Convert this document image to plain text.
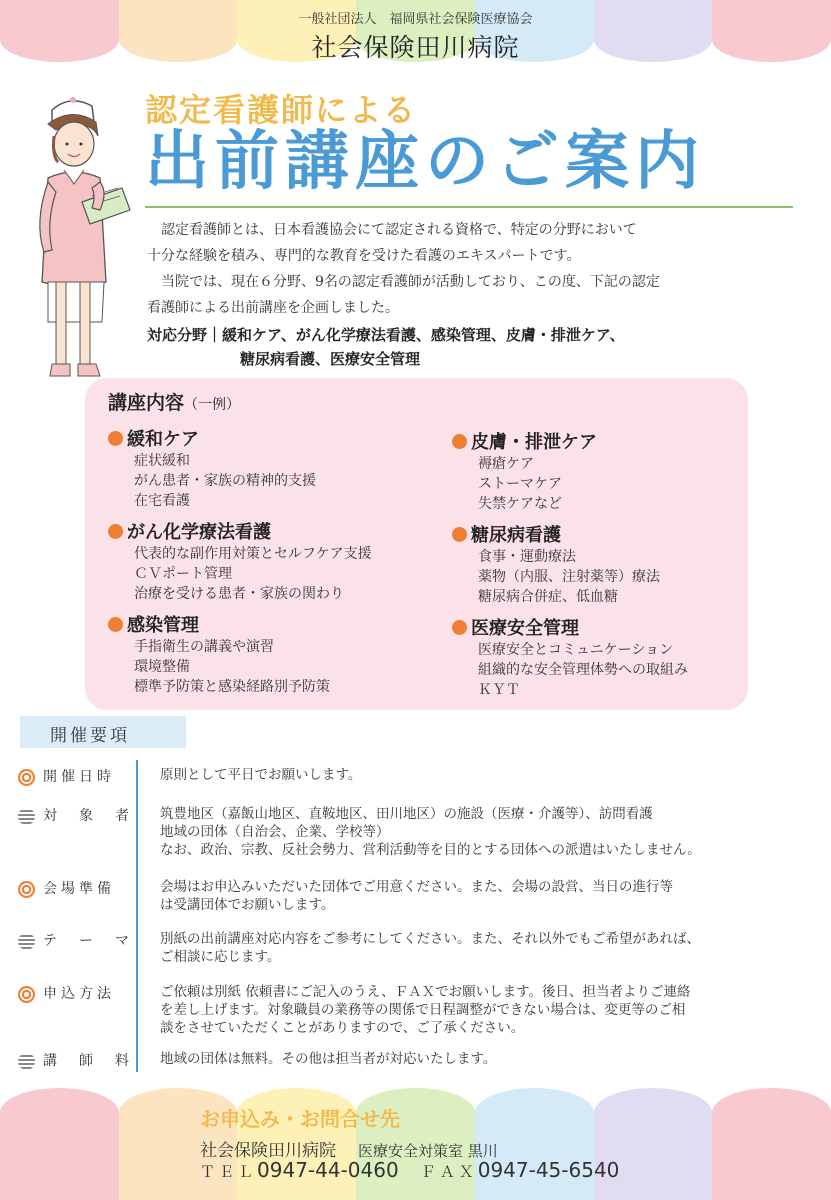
一般社団法人　福岡県社会保険医療協会
社会保険田川病院
認定看護師による
出前講座のご案内
　認定看護師とは、日本看護協会にて認定される資格で、特定の分野において
十分な経験を積み、専門的な教育を受けた看護のエキスパートです。
　当院では、現在６分野、9名の認定看護師が活動しており、この度、下記の認定
看護師による出前講座を企画しました。
対応分野｜緩和ケア、がん化学療法看護、感染管理、皮膚・排泄ケア、
糖尿病看護、医療安全管理
講座内容（一例）
緩和ケア
症状緩和
がん患者・家族の精神的支援
在宅看護
がん化学療法看護
代表的な副作用対策とセルフケア支援
ＣＶポート管理
治療を受ける患者・家族の関わり
感染管理
手指衛生の講義や演習
環境整備
標準予防策と感染経路別予防策
皮膚・排泄ケア
褥瘡ケア
ストーマケア
失禁ケアなど
糖尿病看護
食事・運動療法
薬物（内服、注射薬等）療法
糖尿病合併症、低血糖
医療安全管理
医療安全とコミュニケーション
組織的な安全管理体勢への取組み
ＫＹＴ
開催要項
開催日時	原則として平日でお願いします。
対　象　者	筑豊地区（嘉飯山地区、直鞍地区、田川地区）の施設（医療・介護等）、訪問看護
地域の団体（自治会、企業、学校等）
なお、政治、宗教、反社会勢力、営利活動等を目的とする団体への派遣はいたしません。
会場準備	会場はお申込みいただいた団体でご用意ください。また、会場の設営、当日の進行等
は受講団体でお願いします。
テ　ー　マ	別紙の出前講座対応内容をご参考にしてください。また、それ以外でもご希望があれば、
ご相談に応じます。
申込方法	ご依頼は別紙 依頼書にご記入のうえ、ＦＡＸでお願いします。後日、担当者よりご連絡
を差し上げます。対象職員の業務等の関係で日程調整ができない場合は、変更等のご相
談をさせていただくことがありますので、ご了承ください。
講　師　料	地域の団体は無料。その他は担当者が対応いたします。
お申込み・お問合せ先
社会保険田川病院 医療安全対策室 黒川
ＴＥＬ0947-44-0460 ＦＡＸ0947-45-6540
